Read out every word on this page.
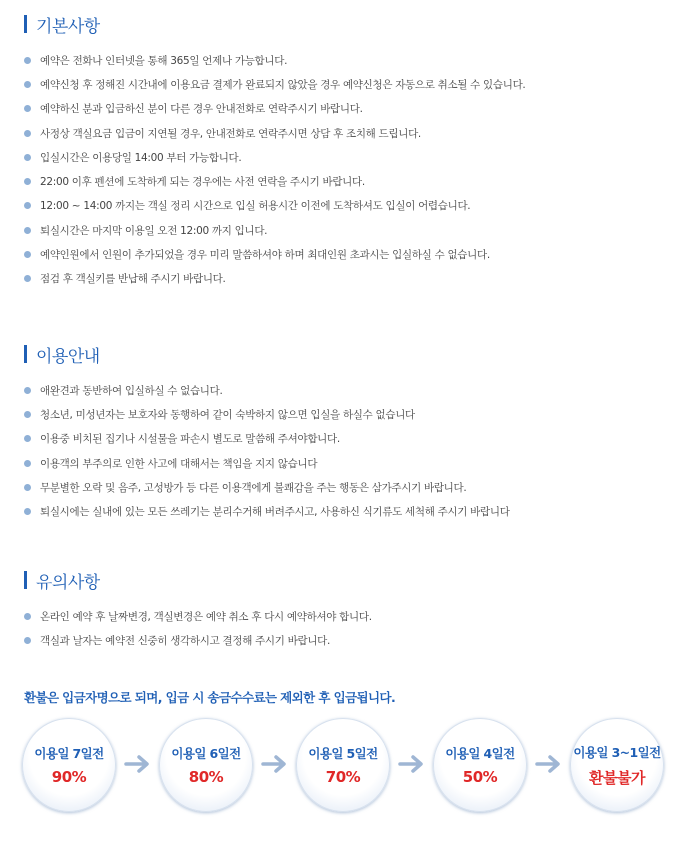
기본사항
예약은 전화나 인터넷을 통해 365일 언제나 가능합니다.
예약신청 후 정해진 시간내에 이용요금 결제가 완료되지 않았을 경우 예약신청은 자동으로 취소될 수 있습니다.
예약하신 분과 입금하신 분이 다른 경우 안내전화로 연락주시기 바랍니다.
사정상 객실요금 입금이 지연될 경우, 안내전화로 연락주시면 상담 후 조치해 드립니다.
입실시간은 이용당일 14:00 부터 가능합니다.
22:00 이후 펜션에 도착하게 되는 경우에는 사전 연락을 주시기 바랍니다.
12:00 ~ 14:00 까지는 객실 정리 시간으로 입실 허용시간 이전에 도착하셔도 입실이 어렵습니다.
퇴실시간은 마지막 이용일 오전 12:00 까지 입니다.
예약인원에서 인원이 추가되었을 경우 미리 말씀하셔야 하며 최대인원 초과시는 입실하실 수 없습니다.
점검 후 객실키를 반납해 주시기 바랍니다.
이용안내
애완견과 동반하여 입실하실 수 없습니다.
청소년, 미성년자는 보호자와 동행하여 같이 숙박하지 않으면 입실을 하실수 없습니다
이용중 비치된 집기나 시설물을 파손시 별도로 말씀해 주셔야합니다.
이용객의 부주의로 인한 사고에 대해서는 책임을 지지 않습니다
무분별한 오락 및 음주, 고성방가 등 다른 이용객에게 불쾌감을 주는 행동은 삼가주시기 바랍니다.
퇴실시에는 실내에 있는 모든 쓰레기는 분리수거해 버려주시고, 사용하신 식기류도 세척해 주시기 바랍니다
유의사항
온라인 예약 후 날짜변경, 객실변경은 예약 취소 후 다시 예약하셔야 합니다.
객실과 날자는 예약전 신중히 생각하시고 결정해 주시기 바랍니다.
환불은 입금자명으로 되며, 입금 시 송금수수료는 제외한 후 입금됩니다.
이용일 7일전
90%
이용일 6일전
80%
이용일 5일전
70%
이용일 4일전
50%
이용일 3~1일전
환불불가
